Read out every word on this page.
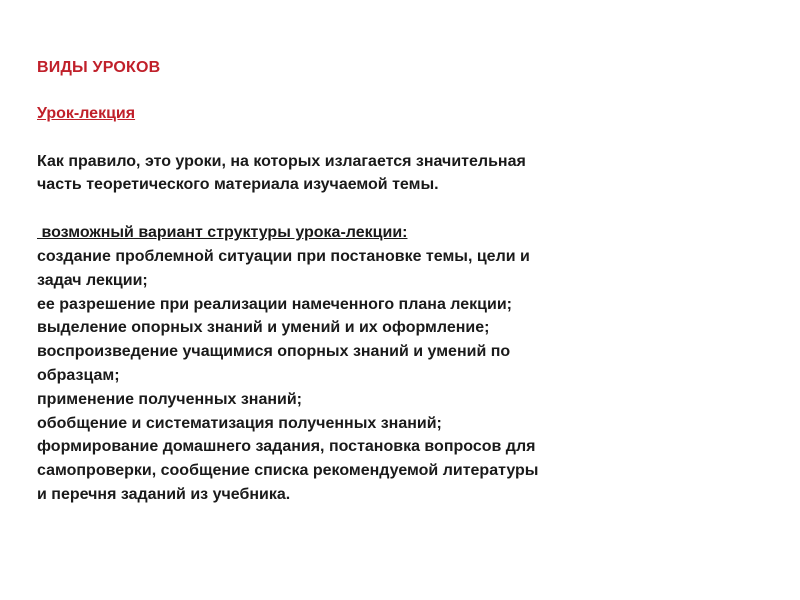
ВИДЫ УРОКОВ
Урок-лекция
Как правило, это уроки, на которых излагается значительная
часть теоретического материала изучаемой темы.
возможный вариант структуры урока-лекции:
создание проблемной ситуации при постановке темы, цели и
задач лекции;
ее разрешение при реализации намеченного плана лекции;
выделение опорных знаний и умений и их оформление;
воспроизведение учащимися опорных знаний и умений по
образцам;
применение полученных знаний;
обобщение и систематизация полученных знаний;
формирование домашнего задания, постановка вопросов для
самопроверки, сообщение списка рекомендуемой литературы
и перечня заданий из учебника.
